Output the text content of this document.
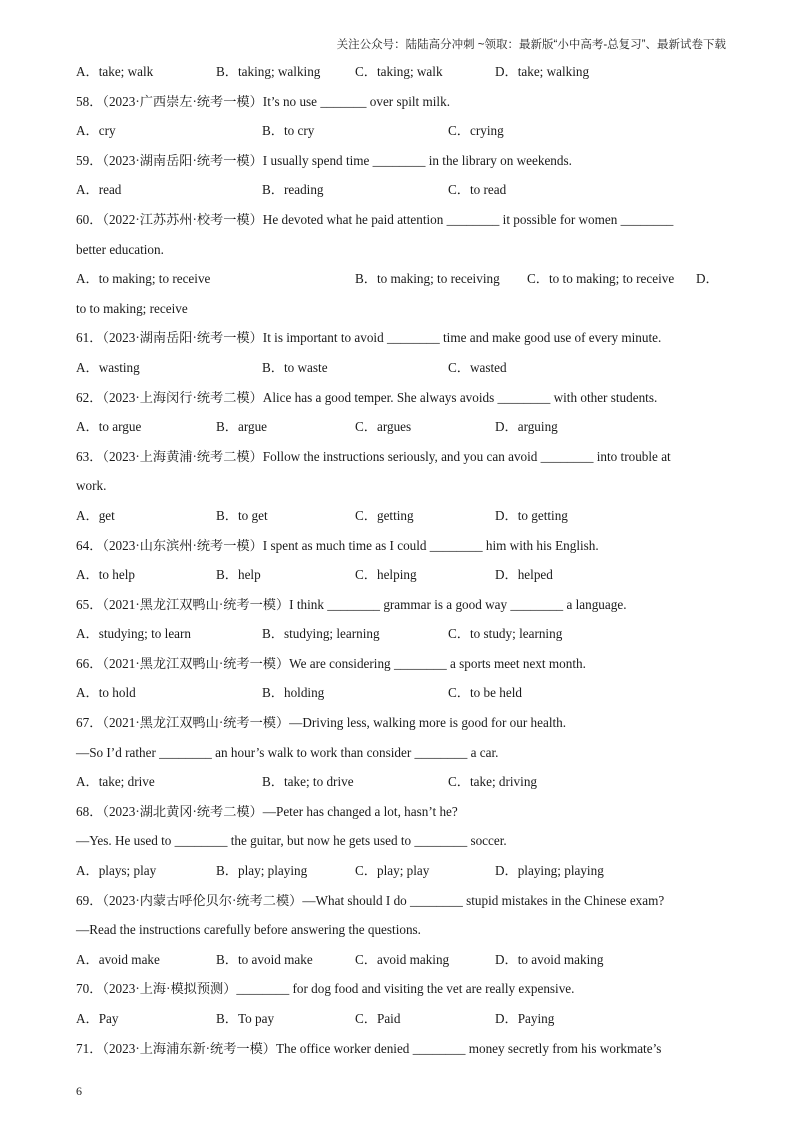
关注公众号：陆陆高分冲刺 ~领取：最新版“小中高考-总复习”、最新试卷下载
A．take; walk	B．taking; walking	C．taking; walk	D．take; walking
58．（2023·广西崇左·统考一模）It’s no use _______ over spilt milk.
A．cry	B．to cry	C．crying
59．（2023·湖南岳阳·统考一模）I usually spend time ________ in the library on weekends.
A．read	B．reading	C．to read
60．（2022·江苏苏州·校考一模）He devoted what he paid attention ________ it possible for women ________
better education.
A．to making; to receive	B．to making; to receiving C．to to making; to receive D．
to to making; receive
61．（2023·湖南岳阳·统考一模）It is important to avoid ________ time and make good use of every minute.
A．wasting	B．to waste	C．wasted
62．（2023·上海闵行·统考二模）Alice has a good temper. She always avoids ________ with other students.
A．to argue	B．argue	C．argues	D．arguing
63．（2023·上海黄浦·统考二模）Follow the instructions seriously, and you can avoid ________ into trouble at
work.
A．get	B．to get	C．getting	D．to getting
64．（2023·山东滨州·统考一模）I spent as much time as I could ________ him with his English.
A．to help	B．help	C．helping	D．helped
65．（2021·黑龙江双鸭山·统考一模）I think ________ grammar is a good way ________ a language.
A．studying; to learn	B．studying; learning	C．to study; learning
66．（2021·黑龙江双鸭山·统考一模）We are considering ________ a sports meet next month.
A．to hold	B．holding	C．to be held
67．（2021·黑龙江双鸭山·统考一模）—Driving less, walking more is good for our health.
—So I’d rather ________ an hour’s walk to work than consider ________ a car.
A．take; drive	B．take; to drive	C．take; driving
68．（2023·湖北黄冈·统考二模）—Peter has changed a lot, hasn’t he?
—Yes. He used to ________ the guitar, but now he gets used to ________ soccer.
A．plays; play	B．play; playing	C．play; play	D．playing; playing
69．（2023·内蒙古呼伦贝尔·统考二模）—What should I do ________ stupid mistakes in the Chinese exam?
—Read the instructions carefully before answering the questions.
A．avoid make	B．to avoid make	C．avoid making	D．to avoid making
70．（2023·上海·模拟预测）________ for dog food and visiting the vet are really expensive.
A．Pay	B．To pay	C．Paid	D．Paying
71．（2023·上海浦东新·统考一模）The office worker denied ________ money secretly from his workmate’s
6
